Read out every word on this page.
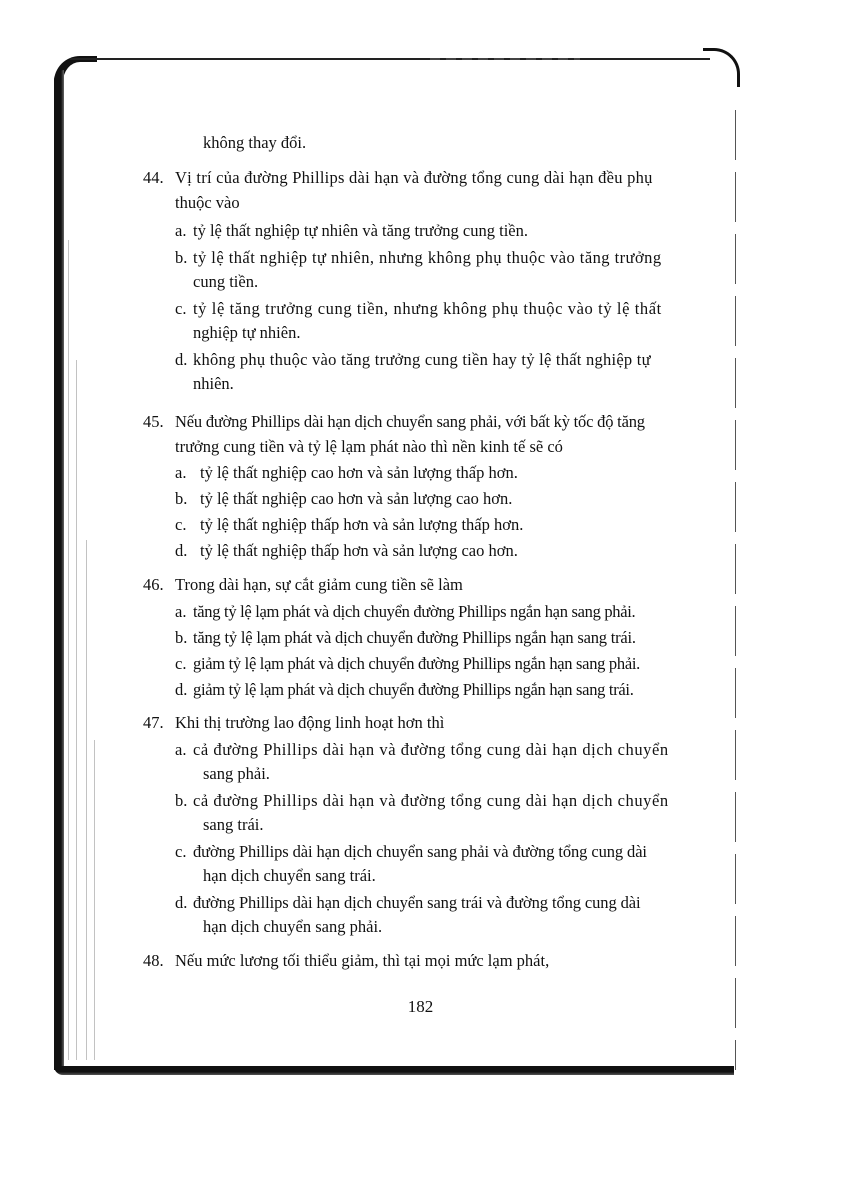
không thay đổi.
44. Vị trí của đường Phillips dài hạn và đường tổng cung dài hạn đều phụ
thuộc vào
a. tỷ lệ thất nghiệp tự nhiên và tăng trưởng cung tiền.
b. tỷ lệ thất nghiệp tự nhiên, nhưng không phụ thuộc vào tăng trưởng
cung tiền.
c. tỷ lệ tăng trưởng cung tiền, nhưng không phụ thuộc vào tỷ lệ thất
nghiệp tự nhiên.
d. không phụ thuộc vào tăng trưởng cung tiền hay tỷ lệ thất nghiệp tự
nhiên.
45. Nếu đường Phillips dài hạn dịch chuyển sang phải, với bất kỳ tốc độ tăng
trưởng cung tiền và tỷ lệ lạm phát nào thì nền kinh tế sẽ có
a. tỷ lệ thất nghiệp cao hơn và sản lượng thấp hơn.
b. tỷ lệ thất nghiệp cao hơn và sản lượng cao hơn.
c. tỷ lệ thất nghiệp thấp hơn và sản lượng thấp hơn.
d. tỷ lệ thất nghiệp thấp hơn và sản lượng cao hơn.
46. Trong dài hạn, sự cắt giảm cung tiền sẽ làm
a. tăng tỷ lệ lạm phát và dịch chuyển đường Phillips ngắn hạn sang phải.
b. tăng tỷ lệ lạm phát và dịch chuyển đường Phillips ngắn hạn sang trái.
c. giảm tỷ lệ lạm phát và dịch chuyển đường Phillips ngắn hạn sang phải.
d. giảm tỷ lệ lạm phát và dịch chuyển đường Phillips ngắn hạn sang trái.
47. Khi thị trường lao động linh hoạt hơn thì
a. cả đường Phillips dài hạn và đường tổng cung dài hạn dịch chuyển
sang phải.
b. cả đường Phillips dài hạn và đường tổng cung dài hạn dịch chuyển
sang trái.
c. đường Phillips dài hạn dịch chuyển sang phải và đường tổng cung dài
hạn dịch chuyển sang trái.
d. đường Phillips dài hạn dịch chuyển sang trái và đường tổng cung dài
hạn dịch chuyển sang phải.
48. Nếu mức lương tối thiểu giảm, thì tại mọi mức lạm phát,
182
